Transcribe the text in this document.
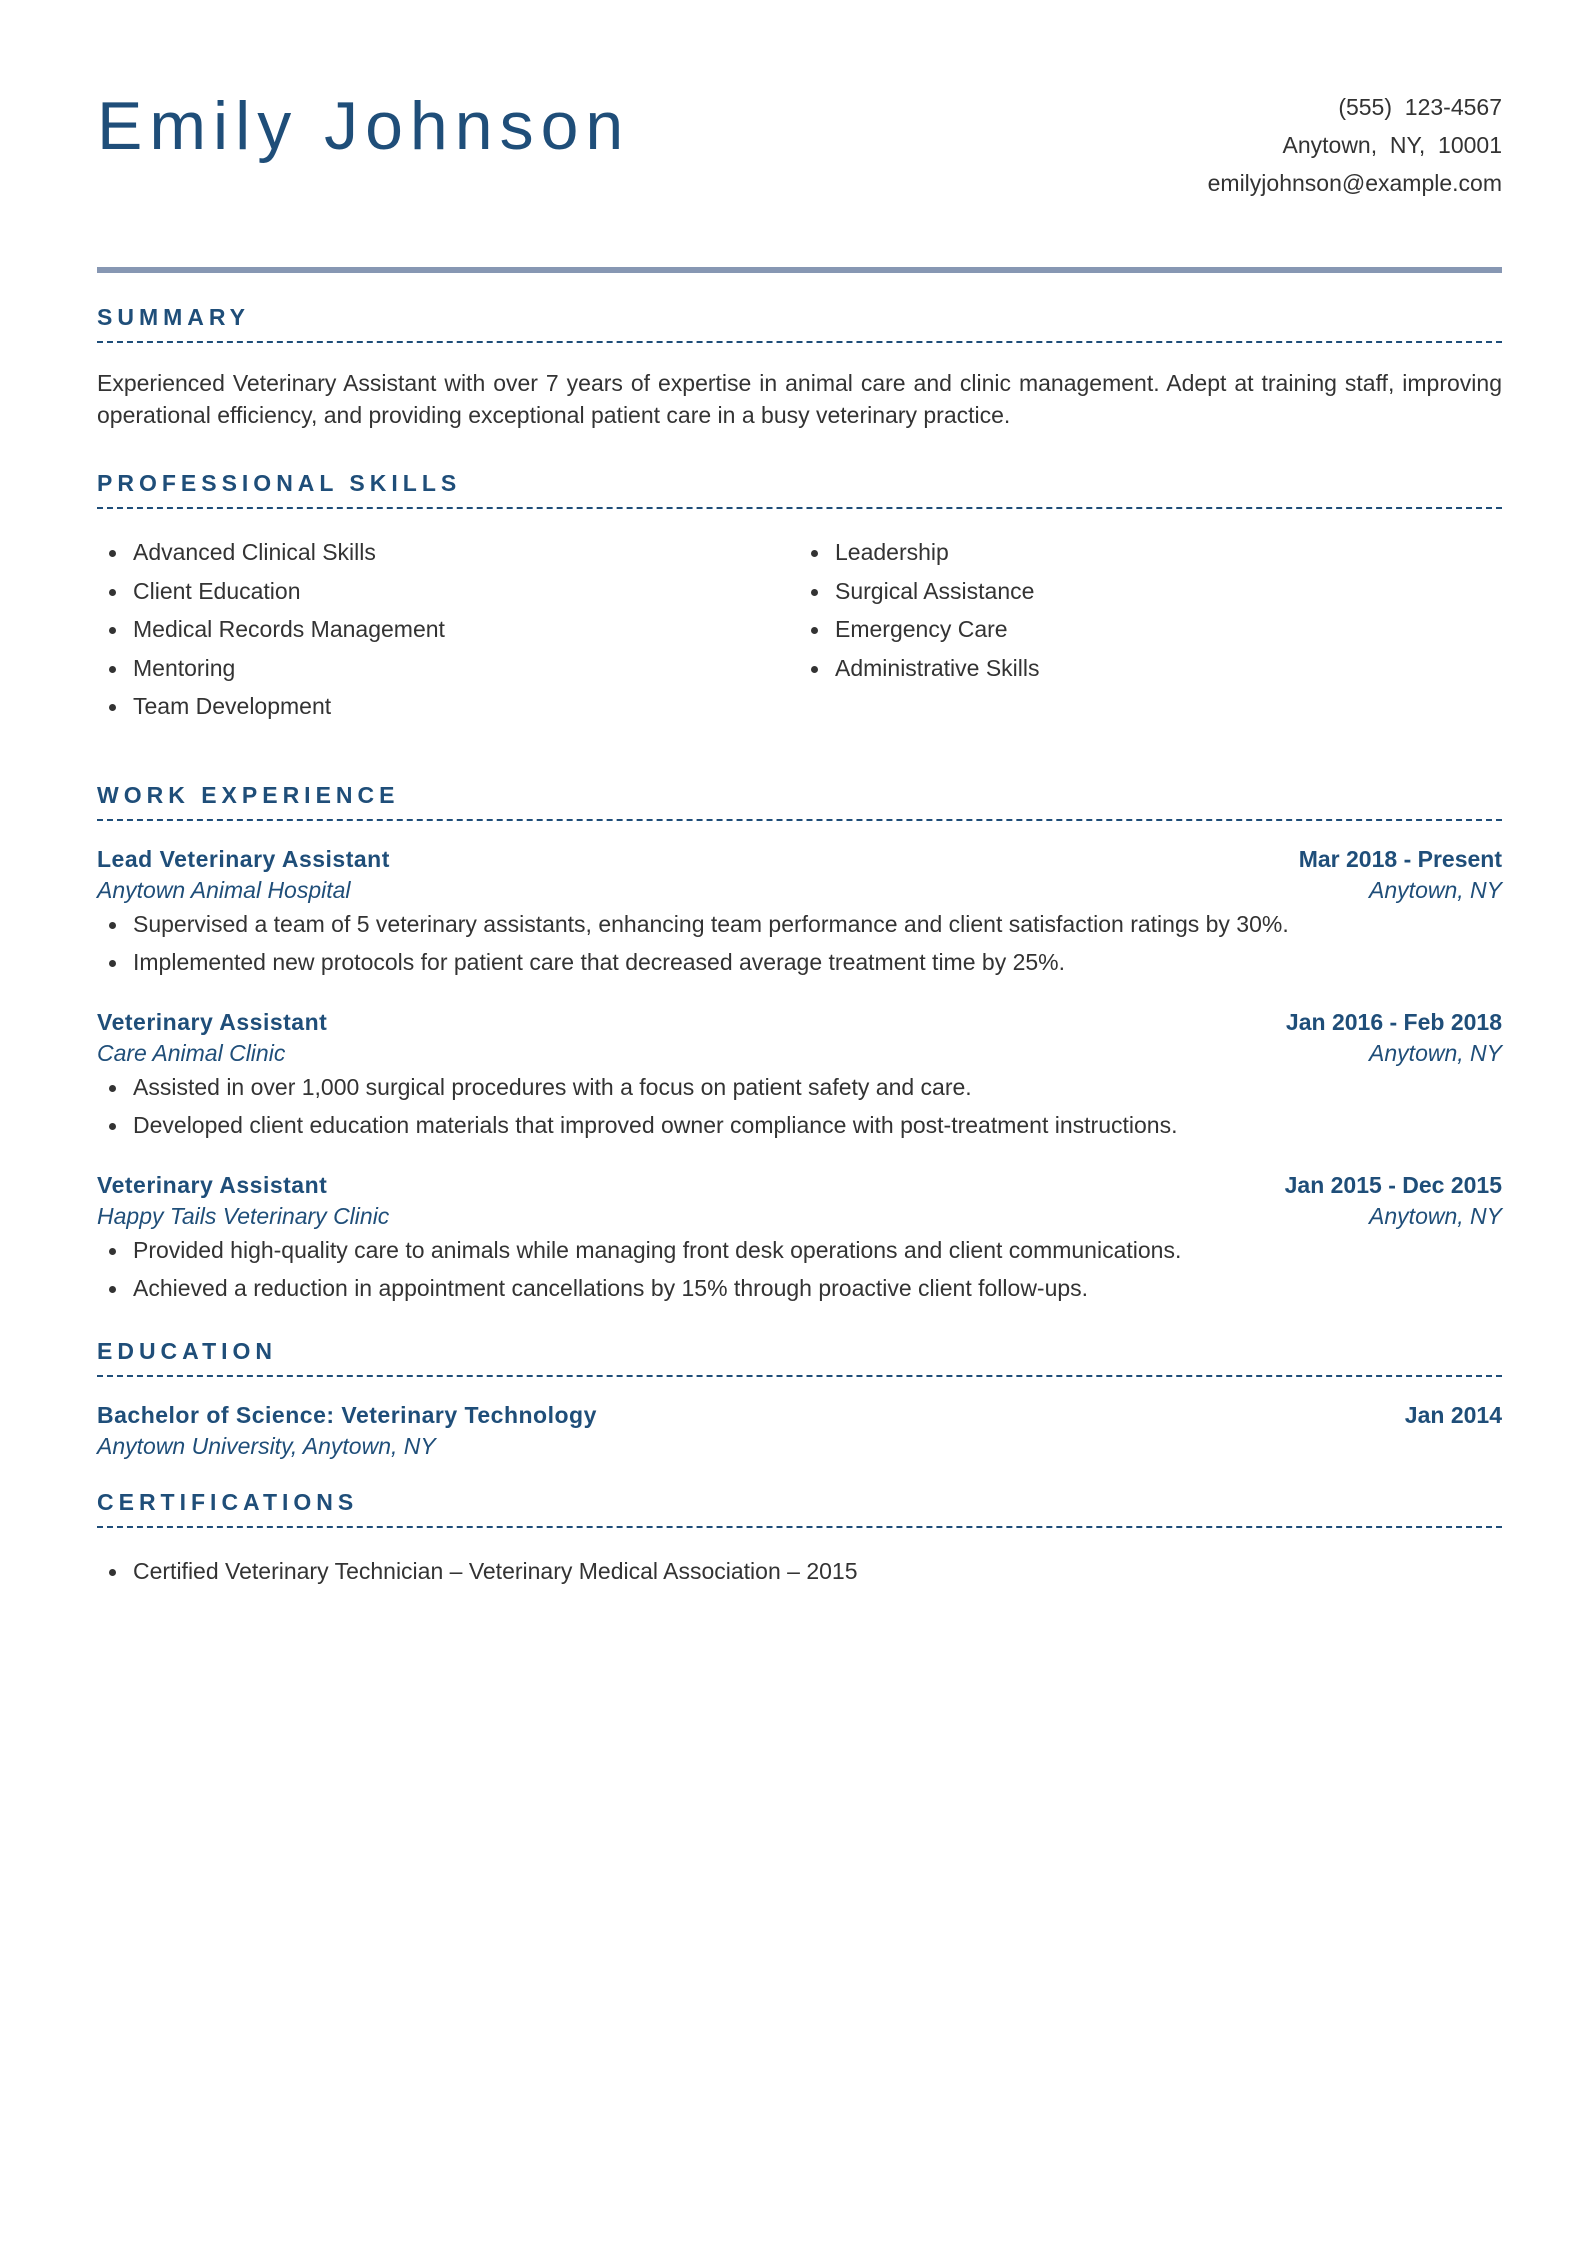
Emily Johnson	(555)  123-4567
Anytown,  NY,  10001
emilyjohnson@example.com
SUMMARY

Experienced Veterinary Assistant with over 7 years of expertise in animal care and clinic management. Adept at training staff, improving operational efficiency, and providing exceptional patient care in a busy veterinary practice.

PROFESSIONAL SKILLS
Advanced Clinical Skills
Client Education
Medical Records Management
Mentoring
Team Development
Leadership
Surgical Assistance
Emergency Care
Administrative Skills
WORK EXPERIENCE
Lead Veterinary Assistant	Mar 2018 - Present
Anytown Animal Hospital	Anytown, NY
Supervised a team of 5 veterinary assistants, enhancing team performance and client satisfaction ratings by 30%.
Implemented new protocols for patient care that decreased average treatment time by 25%.
Veterinary Assistant	Jan 2016 - Feb 2018
Care Animal Clinic	Anytown, NY
Assisted in over 1,000 surgical procedures with a focus on patient safety and care.
Developed client education materials that improved owner compliance with post-treatment instructions.
Veterinary Assistant	Jan 2015 - Dec 2015
Happy Tails Veterinary Clinic	Anytown, NY
Provided high-quality care to animals while managing front desk operations and client communications.
Achieved a reduction in appointment cancellations by 15% through proactive client follow-ups.
EDUCATION
Bachelor of Science: Veterinary Technology	Jan 2014
Anytown University, Anytown, NY
CERTIFICATIONS
Certified Veterinary Technician – Veterinary Medical Association – 2015
